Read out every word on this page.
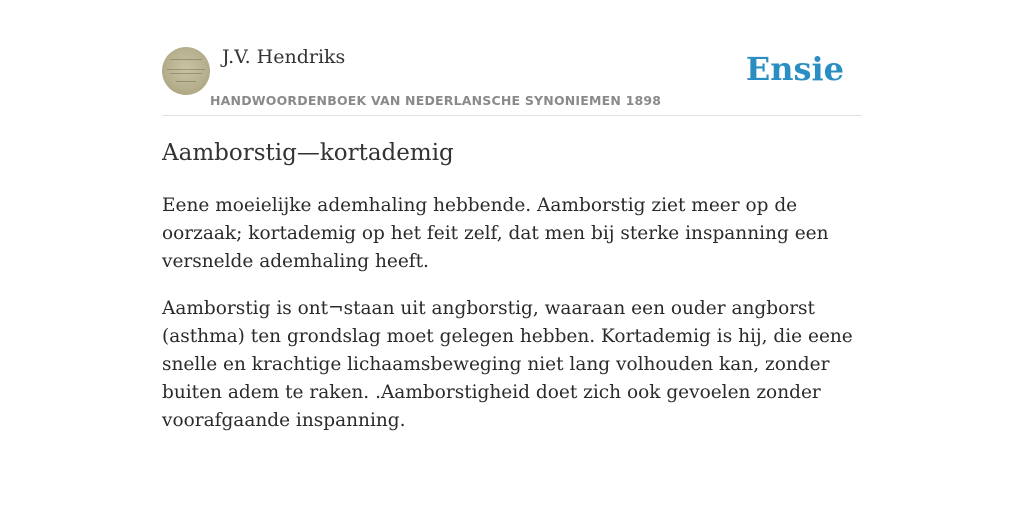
J.V. Hendriks
HANDWOORDENBOEK VAN NEDERLANSCHE SYNONIEMEN 1898
Ensie
Aamborstig—kortademig

Eene moeielijke ademhaling hebbende. Aamborstig ziet meer op de oorzaak; kortademig op het feit zelf, dat men bij sterke inspanning een versnelde ademhaling heeft.

Aamborstig is ont¬staan uit angborstig, waaraan een ouder angborst (asthma) ten grondslag moet gelegen hebben. Kortademig is hij, die eene snelle en krachtige lichaamsbeweging niet lang volhouden kan, zonder buiten adem te raken. .Aamborstigheid doet zich ook gevoelen zonder voorafgaande inspanning.
